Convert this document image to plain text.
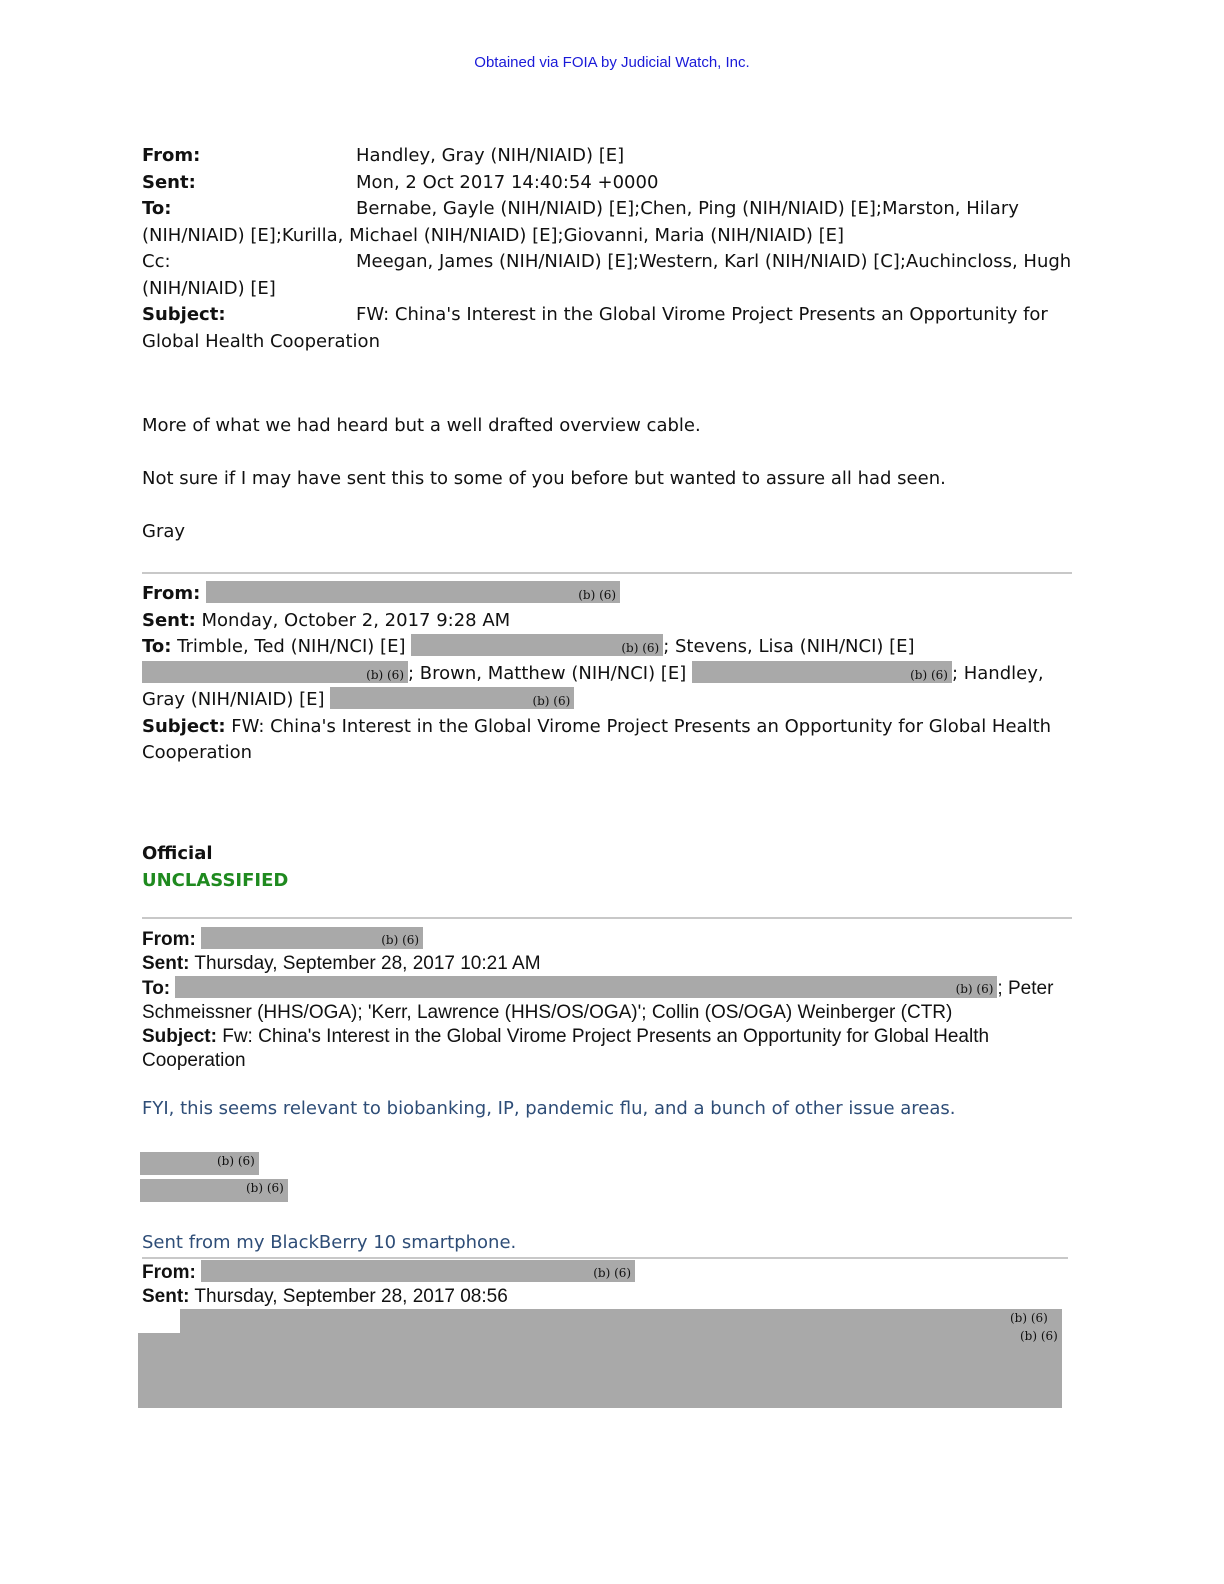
Obtained via FOIA by Judicial Watch, Inc.
From:	Handley, Gray (NIH/NIAID) [E]
Sent:	Mon, 2 Oct 2017 14:40:54 +0000
To:	Bernabe, Gayle (NIH/NIAID) [E];Chen, Ping (NIH/NIAID) [E];Marston, Hilary
(NIH/NIAID) [E];Kurilla, Michael (NIH/NIAID) [E];Giovanni, Maria (NIH/NIAID) [E]
Cc:	Meegan, James (NIH/NIAID) [E];Western, Karl (NIH/NIAID) [C];Auchincloss, Hugh
(NIH/NIAID) [E]
Subject:	FW: China's Interest in the Global Virome Project Presents an Opportunity for
Global Health Cooperation
More of what we had heard but a well drafted overview cable.
Not sure if I may have sent this to some of you before but wanted to assure all had seen.
Gray
From:	(b) (6)
Sent: Monday, October 2, 2017 9:28 AM
To: Trimble, Ted (NIH/NCI) [E]	(b) (6) ; Stevens, Lisa (NIH/NCI) [E]
(b) (6) ; Brown, Matthew (NIH/NCI) [E]	(b) (6) ; Handley,
Gray (NIH/NIAID) [E]	(b) (6)
Subject: FW: China's Interest in the Global Virome Project Presents an Opportunity for Global Health
Cooperation
Official
UNCLASSIFIED
From:	(b) (6)
Sent: Thursday, September 28, 2017 10:21 AM
To:	(b) (6) ; Peter
Schmeissner (HHS/OGA); 'Kerr, Lawrence (HHS/OS/OGA)'; Collin (OS/OGA) Weinberger (CTR)
Subject: Fw: China's Interest in the Global Virome Project Presents an Opportunity for Global Health
Cooperation
FYI, this seems relevant to biobanking, IP, pandemic flu, and a bunch of other issue areas.
(b) (6)
(b) (6)
Sent from my BlackBerry 10 smartphone.
From:	(b) (6)
Sent: Thursday, September 28, 2017 08:56
(b) (6)
(b) (6)
